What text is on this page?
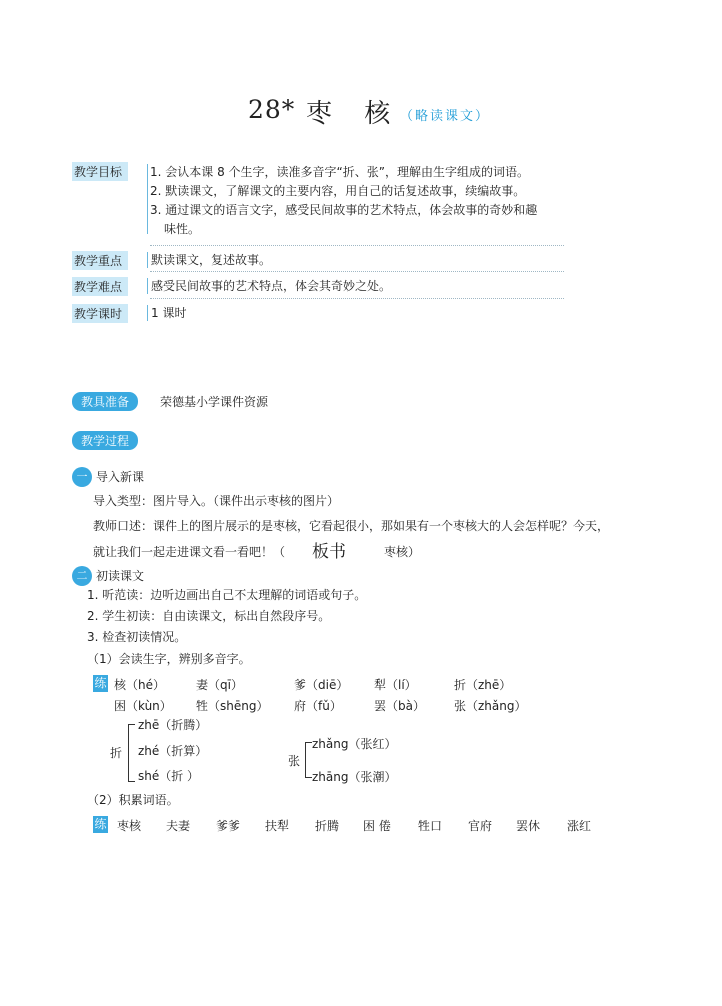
28* 枣 核
（略读课文）
教学目标	1. 会认本课 8 个生字，读准多音字“折、张”，理解由生字组成的词语。
2. 默读课文，了解课文的主要内容，用自己的话复述故事，续编故事。
3. 通过课文的语言文字，感受民间故事的艺术特点，体会故事的奇妙和趣
味性。
教学重点	默读课文，复述故事。
教学难点	感受民间故事的艺术特点，体会其奇妙之处。
教学课时	1 课时
教具准备	荣德基小学课件资源
教学过程
一 导入新课
导入类型：图片导入。（课件出示枣核的图片）
教师口述：课件上的图片展示的是枣核，它看起很小，那如果有一个枣核大的人会怎样呢？今天，
就让我们一起走进课文看一看吧！（ 板书	枣核）
二 初读课文
1. 听范读：边听边画出自己不太理解的词语或句子。
2. 学生初读：自由读课文，标出自然段序号。
3. 检查初读情况。
（1）会读生字，辨别多音字。
练 核（hé）	妻（qī）	爹（diē） 犁（lí）	折（zhē）
困（kùn） 牲（shēng） 府（fǔ）	罢（bà） 张（zhǎng）
折
zhē（折腾）
zhé（折算）
shé（折 ）
张
zhǎng（张红）
zhāng（张潮）
（2）积累词语。
练 枣核 夫妻 爹爹 扶犁 折腾 困 倦 牲口 官府 罢休 涨红
